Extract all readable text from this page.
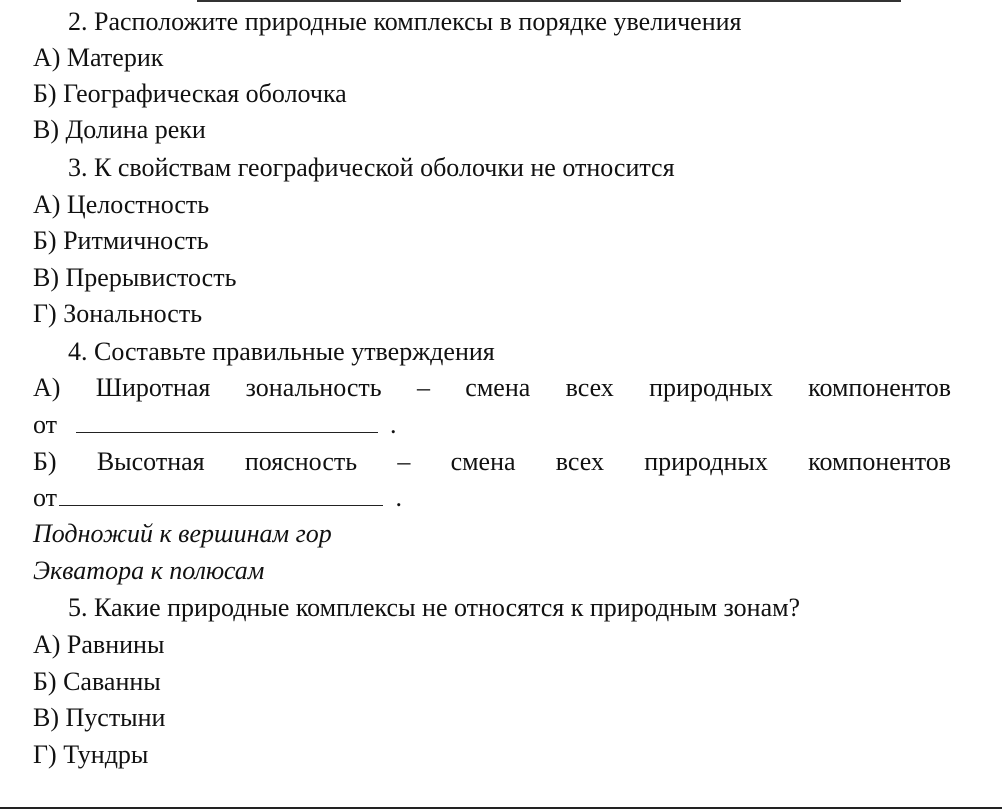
2. Расположите природные комплексы в порядке увеличения
А) Материк
Б) Географическая оболочка
В) Долина реки
3. К свойствам географической оболочки не относится
А) Целостность
Б) Ритмичность
В) Прерывистость
Г) Зональность
4. Составьте правильные утверждения
А) Широтная зональность – смена всех природных компонентов
от	.
Б) Высотная поясность – смена всех природных компонентов
от	.
Подножий к вершинам гор
Экватора к полюсам
5. Какие природные комплексы не относятся к природным зонам?
А) Равнины
Б) Саванны
В) Пустыни
Г) Тундры
